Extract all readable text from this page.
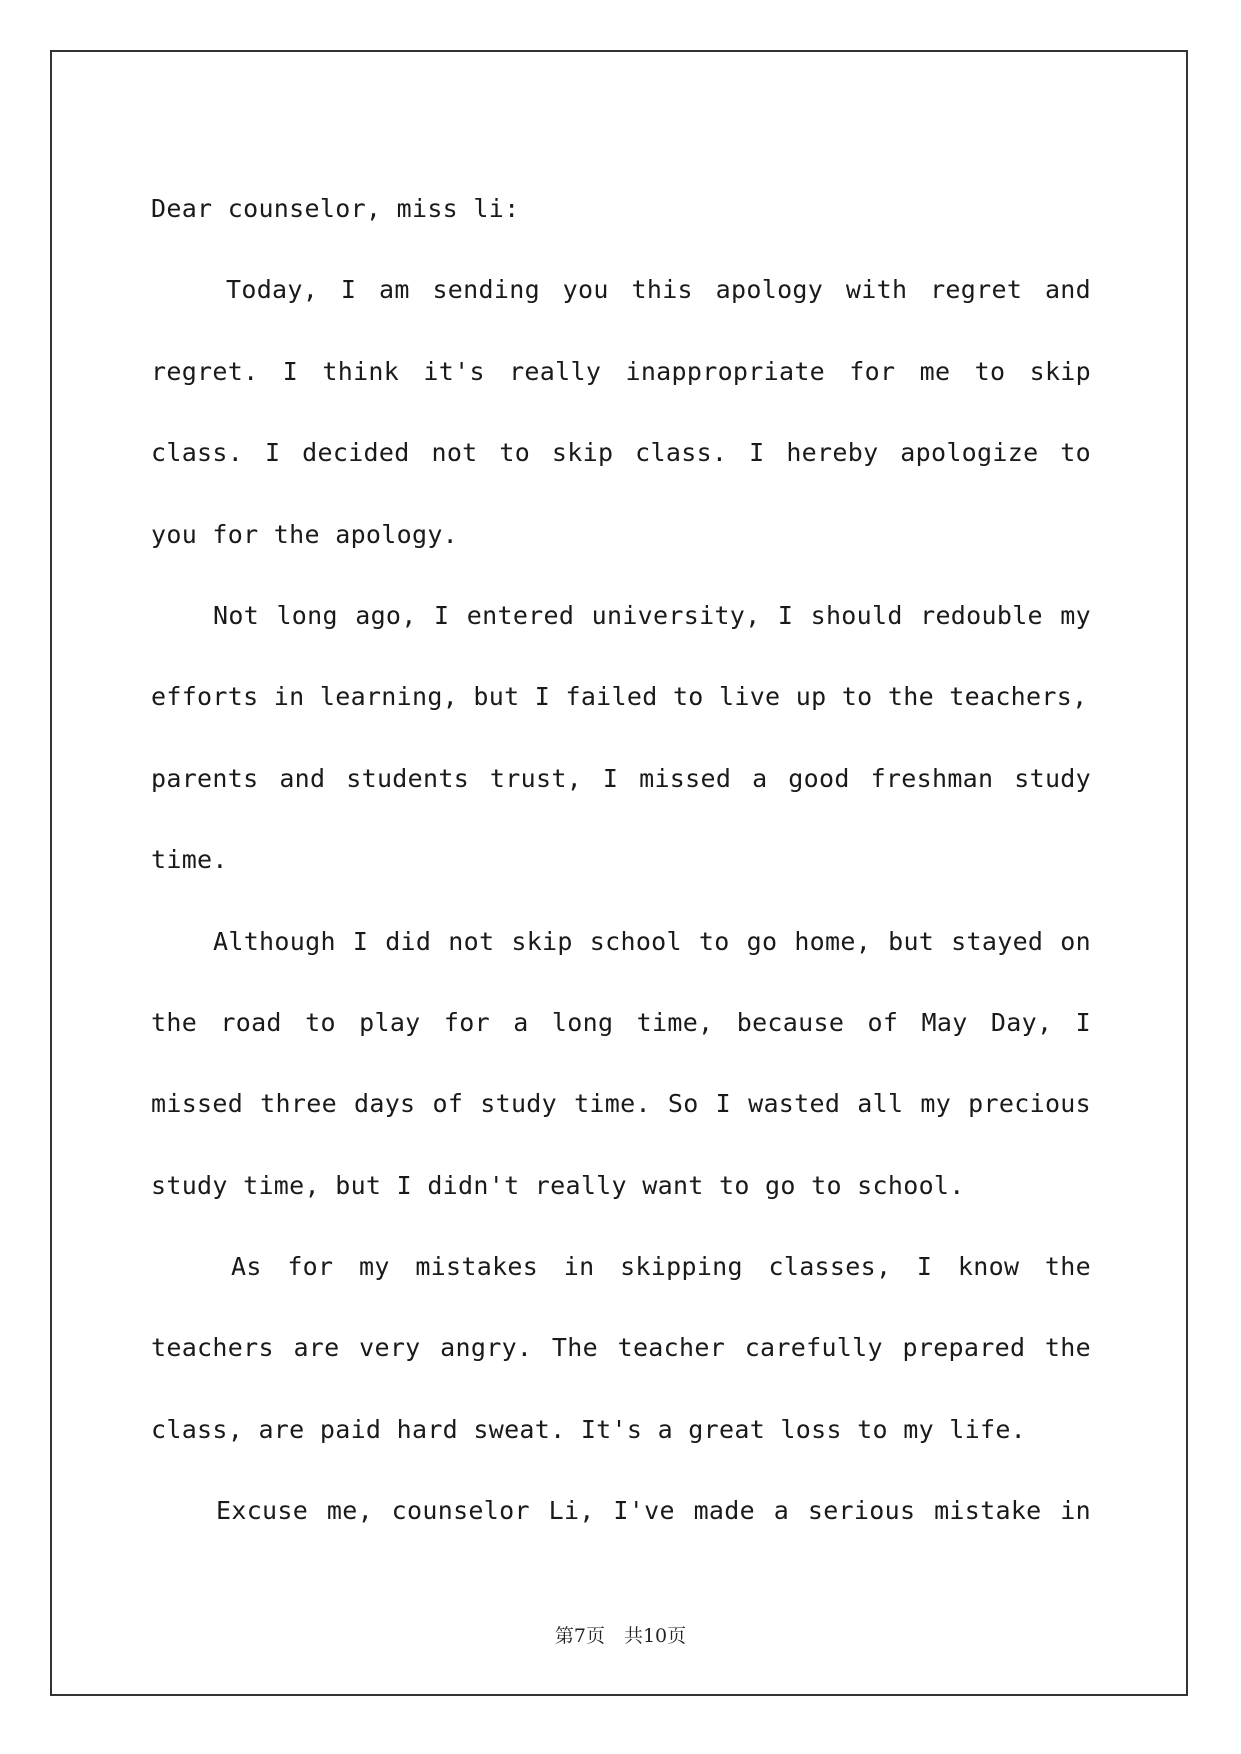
Dear counselor, miss li:
Today, I am sending you this apology with regret and
regret. I think it's really inappropriate for me to skip
class. I decided not to skip class. I hereby apologize to
you for the apology.
Not long ago, I entered university, I should redouble my
efforts in learning, but I failed to live up to the teachers,
parents and students trust, I missed a good freshman study
time.
Although I did not skip school to go home, but stayed on
the road to play for a long time, because of May Day, I
missed three days of study time. So I wasted all my precious
study time, but I didn't really want to go to school.
As for my mistakes in skipping classes, I know the
teachers are very angry. The teacher carefully prepared the
class, are paid hard sweat. It's a great loss to my life.
Excuse me, counselor Li, I've made a serious mistake in
第7页　共10页
